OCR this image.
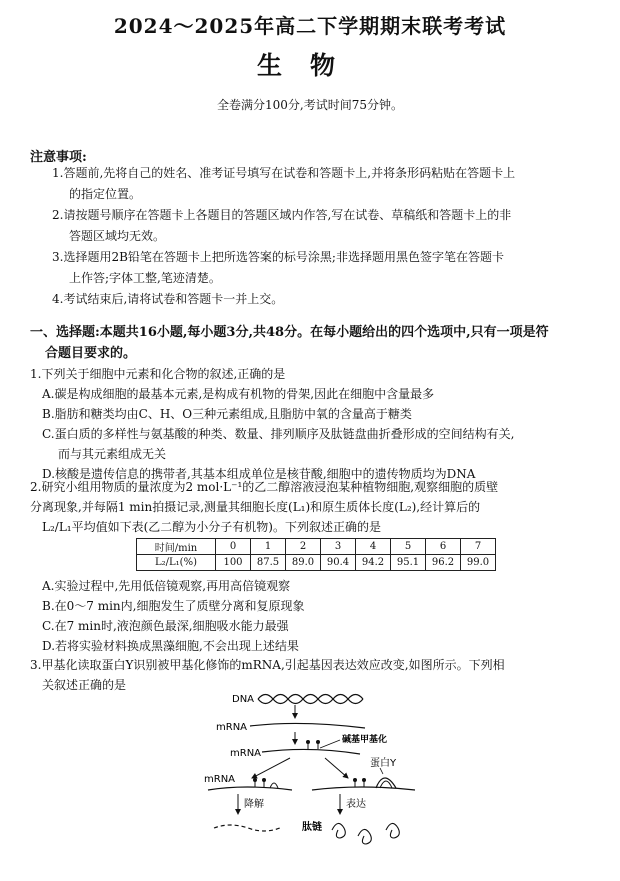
2024～2025年高二下学期期末联考考试
生物
全卷满分100分,考试时间75分钟。
注意事项:
1.答题前,先将自己的姓名、准考证号填写在试卷和答题卡上,并将条形码粘贴在答题卡上
的指定位置。
2.请按题号顺序在答题卡上各题目的答题区域内作答,写在试卷、草稿纸和答题卡上的非
答题区域均无效。
3.选择题用2B铅笔在答题卡上把所选答案的标号涂黑;非选择题用黑色签字笔在答题卡
上作答;字体工整,笔迹清楚。
4.考试结束后,请将试卷和答题卡一并上交。
一、选择题:本题共16小题,每小题3分,共48分。在每小题给出的四个选项中,只有一项是符
合题目要求的。
1.下列关于细胞中元素和化合物的叙述,正确的是
A.碳是构成细胞的最基本元素,是构成有机物的骨架,因此在细胞中含量最多
B.脂肪和糖类均由C、H、O三种元素组成,且脂肪中氧的含量高于糖类
C.蛋白质的多样性与氨基酸的种类、数量、排列顺序及肽链盘曲折叠形成的空间结构有关,
而与其元素组成无关
D.核酸是遗传信息的携带者,其基本组成单位是核苷酸,细胞中的遗传物质均为DNA
2.研究小组用物质的量浓度为2 mol·L⁻¹的乙二醇溶液浸泡某种植物细胞,观察细胞的质壁
分离现象,并每隔1 min拍摄记录,测量其细胞长度(L₁)和原生质体长度(L₂),经计算后的
L₂/L₁平均值如下表(乙二醇为小分子有机物)。下列叙述正确的是
时间/min	0	1	2	3	4	5	6	7
L₂/L₁(%)	100	87.5	89.0	90.4	94.2	95.1	96.2	99.0
A.实验过程中,先用低倍镜观察,再用高倍镜观察
B.在0～7 min内,细胞发生了质壁分离和复原现象
C.在7 min时,液泡颜色最深,细胞吸水能力最强
D.若将实验材料换成黑藻细胞,不会出现上述结果
3.甲基化读取蛋白Y识别被甲基化修饰的mRNA,引起基因表达效应改变,如图所示。下列相
关叙述正确的是
DNA
mRNA
碱基甲基化
mRNA
mRNA
蛋白Y
降解	表达
肽链
